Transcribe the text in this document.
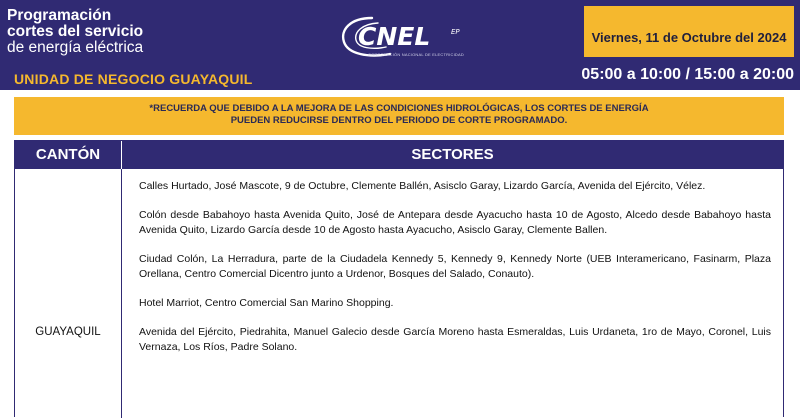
Programación
cortes del servicio
de energía eléctrica
UNIDAD DE NEGOCIO GUAYAQUIL
CNEL	EP
CORPORACIÓN NACIONAL DE ELECTRICIDAD
Viernes, 11 de Octubre del 2024
05:00 a 10:00 / 15:00 a 20:00
*RECUERDA QUE DEBIDO A LA MEJORA DE LAS CONDICIONES HIDROLÓGICAS, LOS CORTES DE ENERGÍA
PUEDEN REDUCIRSE DENTRO DEL PERIODO DE CORTE PROGRAMADO.
CANTÓN	SECTORES
GUAYAQUIL

Calles Hurtado, José Mascote, 9 de Octubre, Clemente Ballén, Asisclo Garay, Lizardo García, Avenida del Ejército, Vélez.

Colón desde Babahoyo hasta Avenida Quito, José de Antepara desde Ayacucho hasta 10 de Agosto, Alcedo desde Babahoyo hasta Avenida Quito, Lizardo García desde 10 de Agosto hasta Ayacucho, Asisclo Garay, Clemente Ballen.

Ciudad Colón, La Herradura, parte de la Ciudadela Kennedy 5, Kennedy 9, Kennedy Norte (UEB Interamericano, Fasinarm, Plaza Orellana, Centro Comercial Dicentro junto a Urdenor, Bosques del Salado, Conauto).

Hotel Marriot, Centro Comercial San Marino Shopping.

Avenida del Ejército, Piedrahita, Manuel Galecio desde García Moreno hasta Esmeraldas, Luis Urdaneta, 1ro de Mayo, Coronel, Luis Vernaza, Los Ríos, Padre Solano.
